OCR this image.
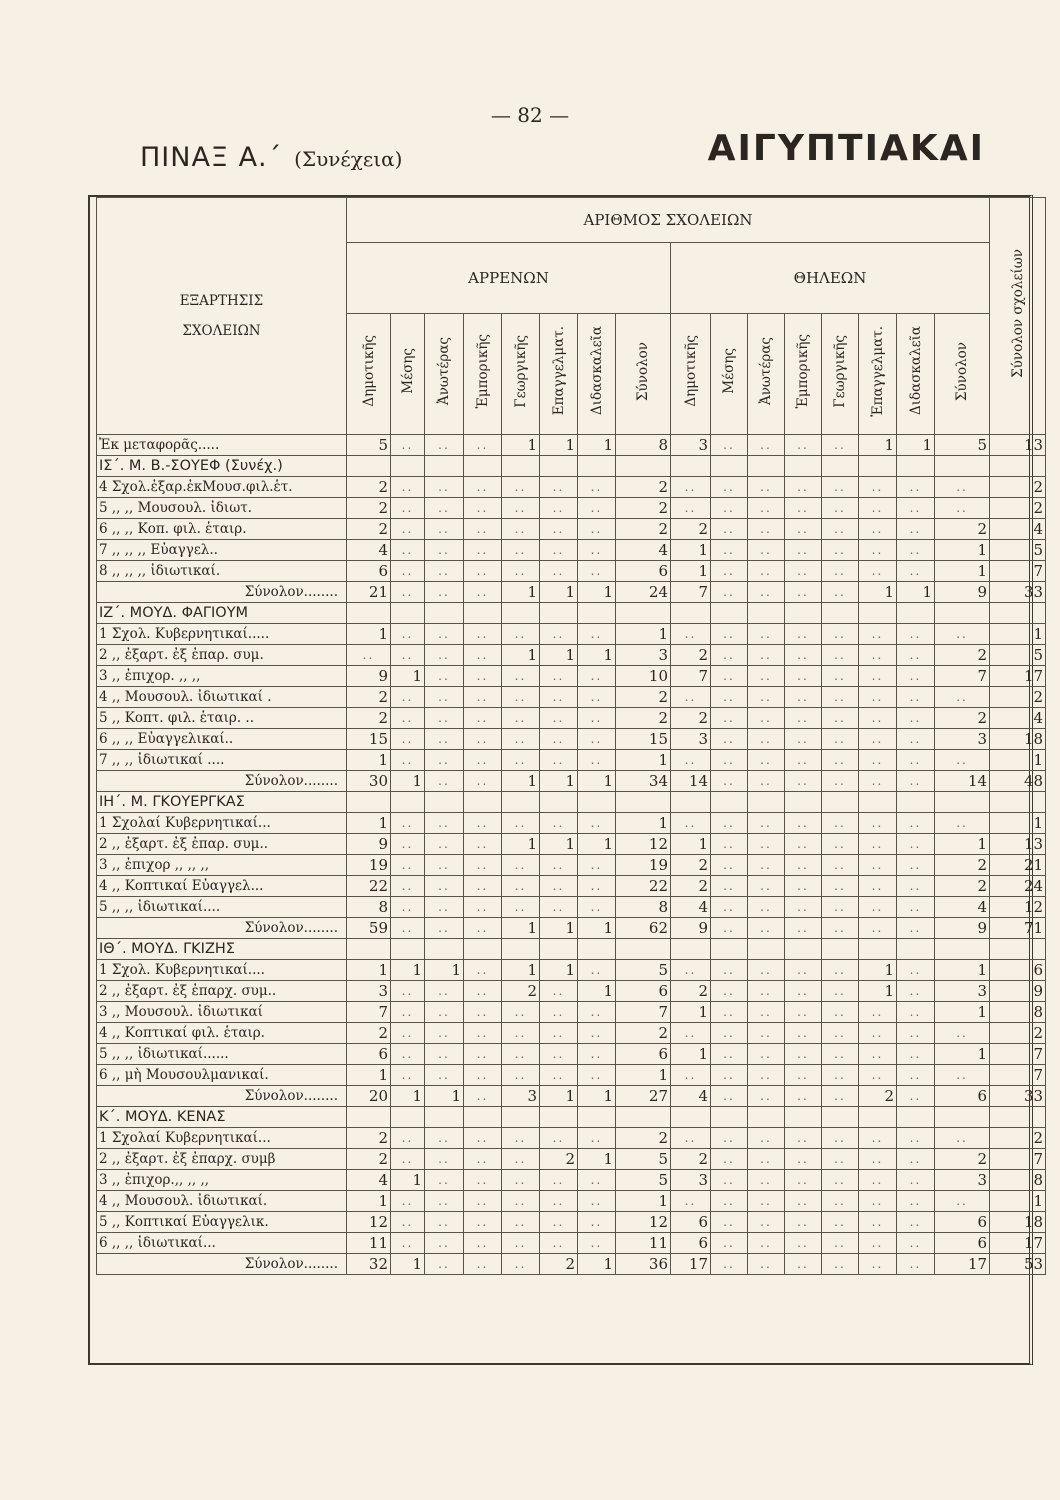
— 82 —
ΠΙΝΑΞ Α.΄ (Συνέχεια)	ΑΙΓΥΠΤΙΑΚΑΙ
ΕΞΑΡΤΗΣΙΣ
ΣΧΟΛΕΙΩΝ	ΑΡΙΘΜΟΣ ΣΧΟΛΕΙΩΝ																Σύνολον σχολείων
	ΑΡΡΕΝΩΝ								ΘΗΛΕΩΝ								
	Δημοτικῆς	Μέσης	Ἀνωτέρας	Ἐμπορικῆς	Γεωργικῆς	Επαγγελματ.	Διδασκαλεῖα	Σύνολον	Δημοτικῆς	Μέσης	Ἀνωτέρας	Ἐμπορικῆς	Γεωργικῆς	Ἐπαγγελματ.	Διδασκαλεῖα	Σύνολον	
Ἐκ μεταφορᾶς.....	5	..	..	..	1	1	1	8	3	..	..	..	..	1	1	5	13
ΙΣ΄. Μ. Β.-ΣΟΥΕΦ (Συνέχ.)																	
4 Σχολ.ἐξαρ.ἐκΜουσ.φιλ.ἑτ.	2	..	..	..	..	..	..	2	..	..	..	..	..	..	..	..	2
5 ,, ,, Μουσουλ. ἰδιωτ.	2	..	..	..	..	..	..	2	..	..	..	..	..	..	..	..	2
6 ,, ,, Κοπ. φιλ. ἑταιρ.	2	..	..	..	..	..	..	2	2	..	..	..	..	..	..	2	4
7 ,, ,, ,, Εὐαγγελ..	4	..	..	..	..	..	..	4	1	..	..	..	..	..	..	1	5
8 ,, ,, ,, ἰδιωτικαί.	6	..	..	..	..	..	..	6	1	..	..	..	..	..	..	1	7
Σύνολον........	21	..	..	..	1	1	1	24	7	..	..	..	..	1	1	9	33
ΙΖ΄. ΜΟΥΔ. ΦΑΓΙΟΥΜ																	
1 Σχολ. Κυβερνητικαί.....	1	..	..	..	..	..	..	1	..	..	..	..	..	..	..	..	1
2 ,, ἐξαρτ. ἐξ ἐπαρ. συμ.	..	..	..	..	1	1	1	3	2	..	..	..	..	..	..	2	5
3 ,, ἐπιχορ. ,, ,,	9	1	..	..	..	..	..	10	7	..	..	..	..	..	..	7	17
4 ,, Μουσουλ. ἰδιωτικαί .	2	..	..	..	..	..	..	2	..	..	..	..	..	..	..	..	2
5 ,, Κοπτ. φιλ. ἑταιρ. ..	2	..	..	..	..	..	..	2	2	..	..	..	..	..	..	2	4
6 ,, ,, Εὐαγγελικαί..	15	..	..	..	..	..	..	15	3	..	..	..	..	..	..	3	18
7 ,, ,, ἰδιωτικαί ....	1	..	..	..	..	..	..	1	..	..	..	..	..	..	..	..	1
Σύνολον........	30	1	..	..	1	1	1	34	14	..	..	..	..	..	..	14	48
ΙΗ΄. Μ. ΓΚΟΥΕΡΓΚΑΣ																	
1 Σχολαί Κυβερνητικαί...	1	..	..	..	..	..	..	1	..	..	..	..	..	..	..	..	1
2 ,, ἐξαρτ. ἐξ ἐπαρ. συμ..	9	..	..	..	1	1	1	12	1	..	..	..	..	..	..	1	13
3 ,, ἐπιχορ ,, ,, ,,	19	..	..	..	..	..	..	19	2	..	..	..	..	..	..	2	21
4 ,, Κοπτικαί Εὐαγγελ...	22	..	..	..	..	..	..	22	2	..	..	..	..	..	..	2	24
5 ,, ,, ἰδιωτικαί....	8	..	..	..	..	..	..	8	4	..	..	..	..	..	..	4	12
Σύνολον........	59	..	..	..	1	1	1	62	9	..	..	..	..	..	..	9	71
ΙΘ΄. ΜΟΥΔ. ΓΚΙΖΗΣ																	
1 Σχολ. Κυβερνητικαί....	1	1	1	..	1	1	..	5	..	..	..	..	..	1	..	1	6
2 ,, ἐξαρτ. ἐξ ἐπαρχ. συμ..	3	..	..	..	2	..	1	6	2	..	..	..	..	1	..	3	9
3 ,, Μουσουλ. ἰδιωτικαί	7	..	..	..	..	..	..	7	1	..	..	..	..	..	..	1	8
4 ,, Κοπτικαί φιλ. ἑταιρ.	2	..	..	..	..	..	..	2	..	..	..	..	..	..	..	..	2
5 ,, ,, ἰδιωτικαί......	6	..	..	..	..	..	..	6	1	..	..	..	..	..	..	1	7
6 ,, μὴ Μουσουλμανικαί.	1	..	..	..	..	..	..	1	..	..	..	..	..	..	..	..	7
Σύνολον........	20	1	1	..	3	1	1	27	4	..	..	..	..	2	..	6	33
Κ΄. ΜΟΥΔ. ΚΕΝΑΣ																	
1 Σχολαί Κυβερνητικαί...	2	..	..	..	..	..	..	2	..	..	..	..	..	..	..	..	2
2 ,, ἐξαρτ. ἐξ ἐπαρχ. συμβ	2	..	..	..	..	2	1	5	2	..	..	..	..	..	..	2	7
3 ,, ἐπιχορ.,, ,, ,,	4	1	..	..	..	..	..	5	3	..	..	..	..	..	..	3	8
4 ,, Μουσουλ. ἰδιωτικαί.	1	..	..	..	..	..	..	1	..	..	..	..	..	..	..	..	1
5 ,, Κοπτικαί Εὐαγγελικ.	12	..	..	..	..	..	..	12	6	..	..	..	..	..	..	6	18
6 ,, ,, ἰδιωτικαί...	11	..	..	..	..	..	..	11	6	..	..	..	..	..	..	6	17
Σύνολον........	32	1	..	..	..	2	1	36	17	..	..	..	..	..	..	17	53
